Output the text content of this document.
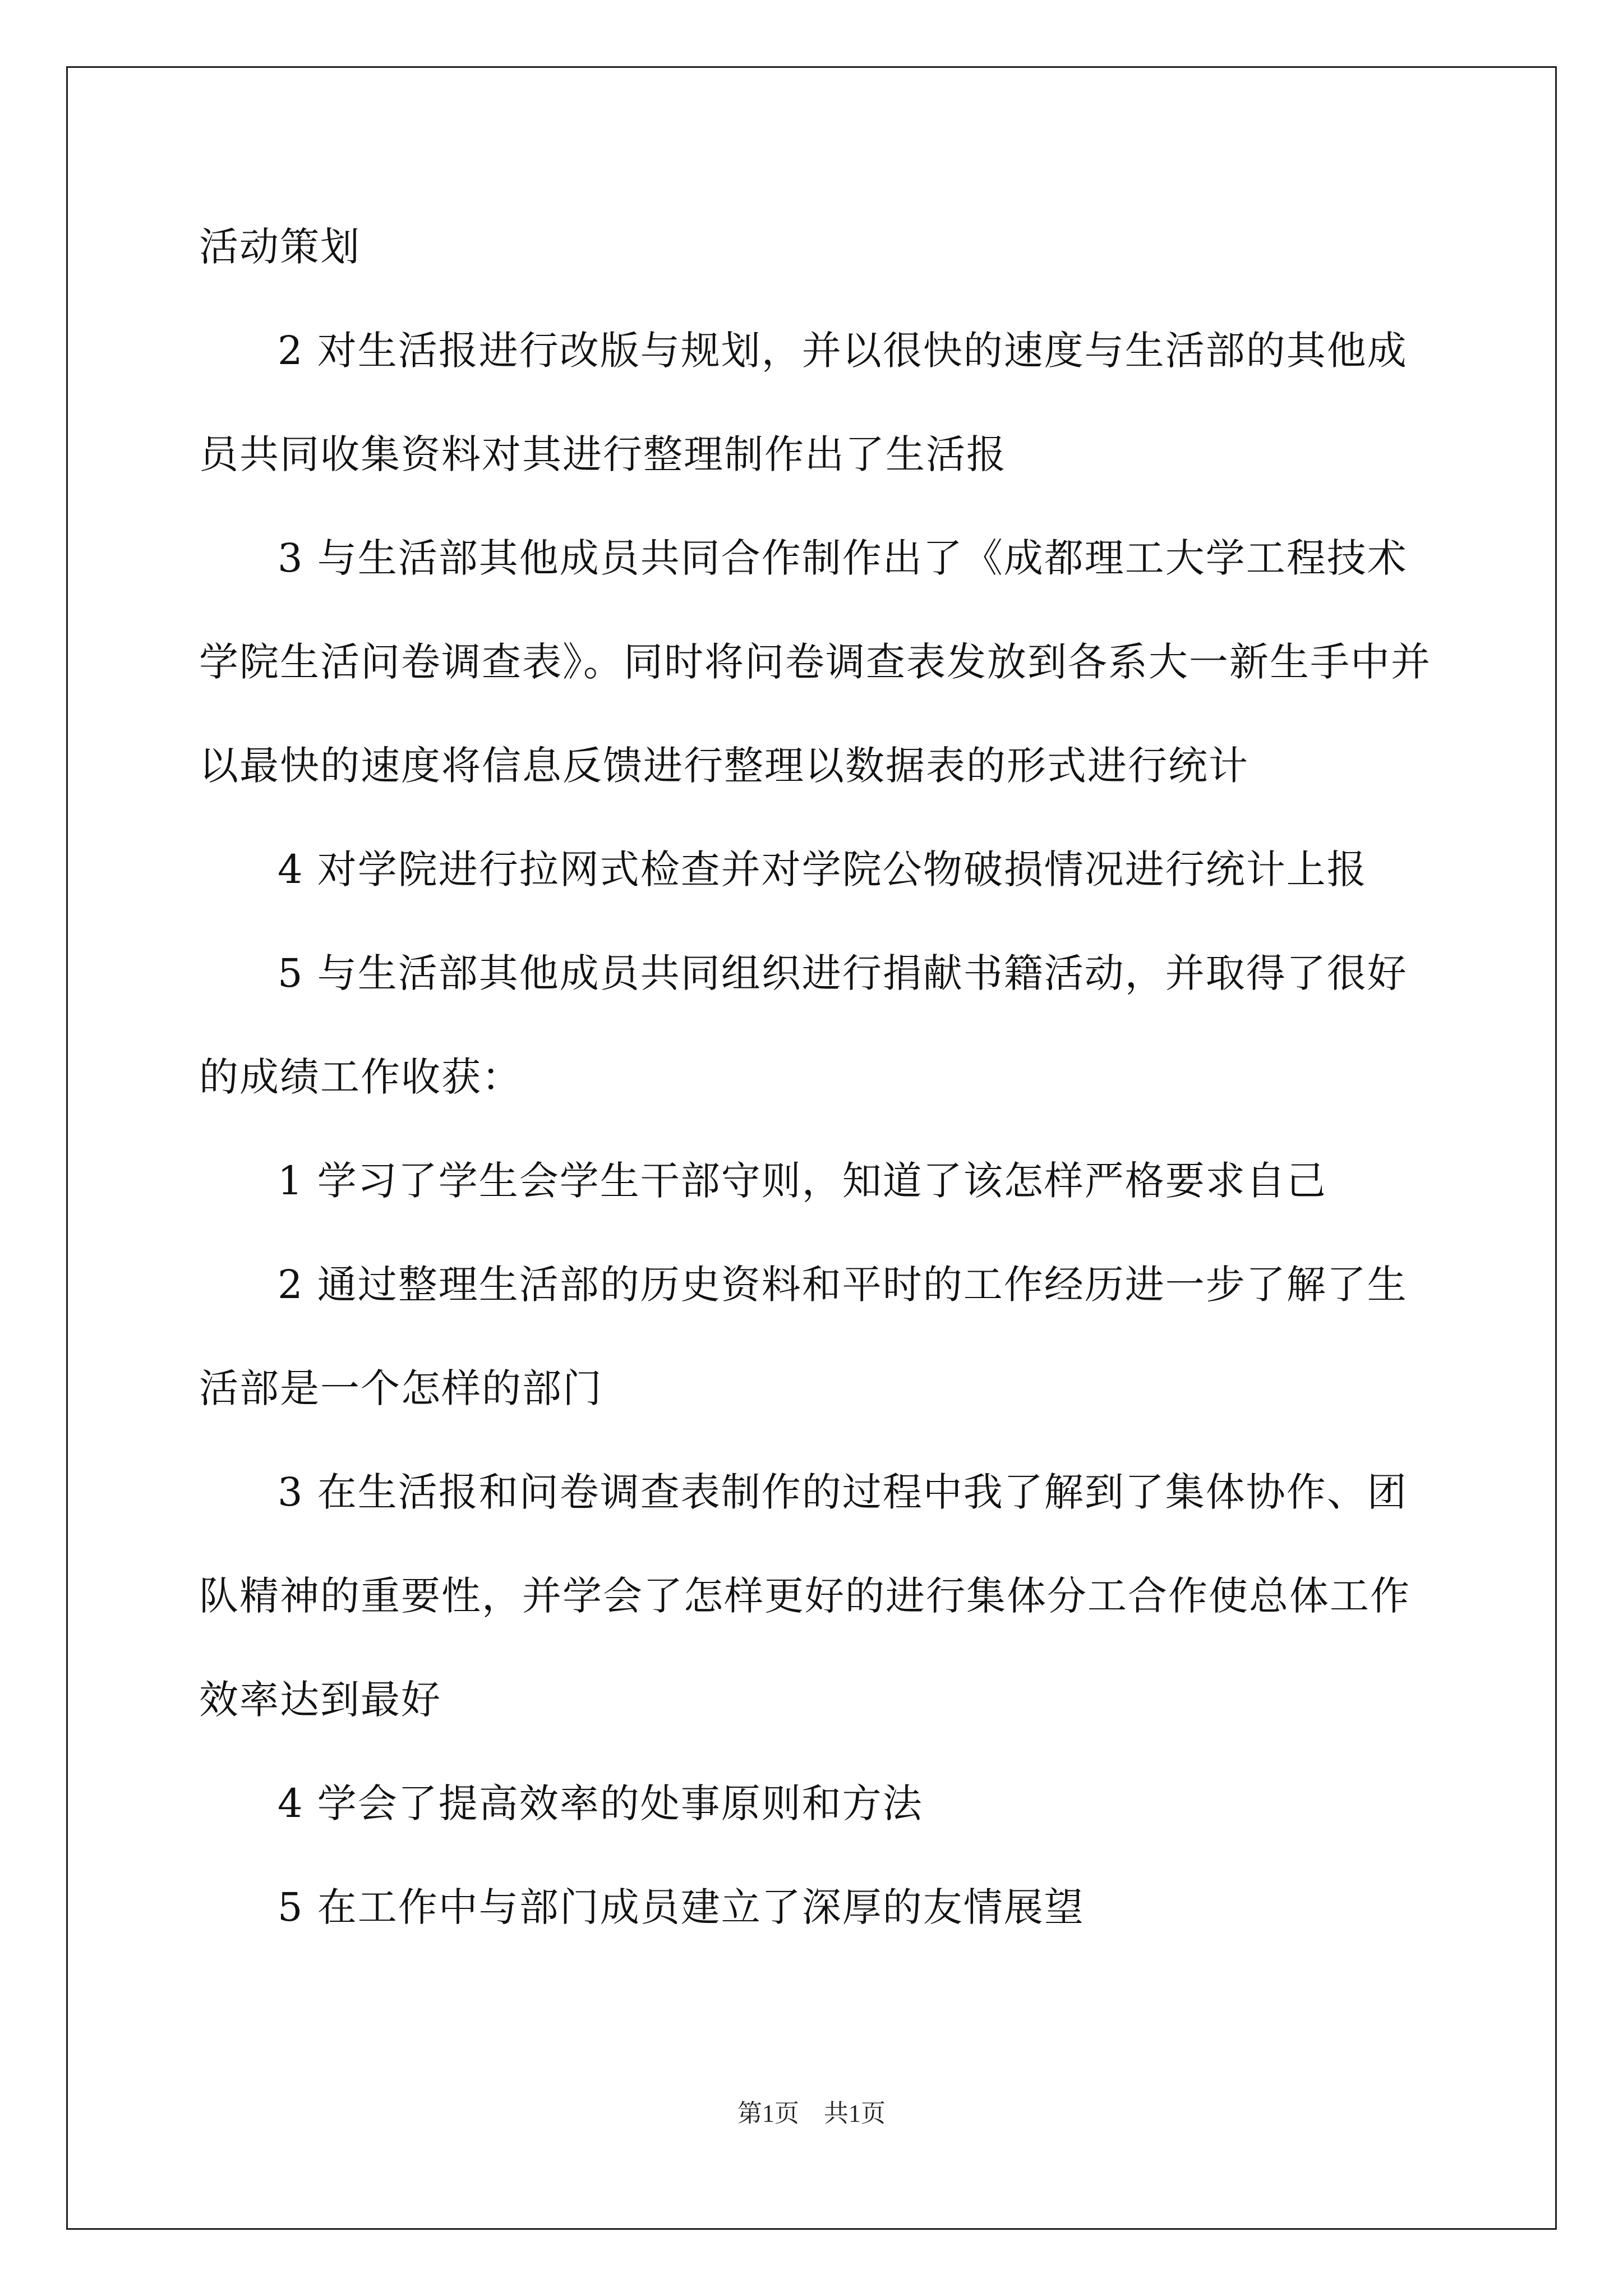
活动策划
2 对生活报进行改版与规划，并以很快的速度与生活部的其他成
员共同收集资料对其进行整理制作出了生活报
3 与生活部其他成员共同合作制作出了《成都理工大学工程技术
学院生活问卷调查表》。同时将问卷调查表发放到各系大一新生手中并
以最快的速度将信息反馈进行整理以数据表的形式进行统计
4 对学院进行拉网式检查并对学院公物破损情况进行统计上报
5 与生活部其他成员共同组织进行捐献书籍活动，并取得了很好
的成绩工作收获：
1 学习了学生会学生干部守则，知道了该怎样严格要求自己
2 通过整理生活部的历史资料和平时的工作经历进一步了解了生
活部是一个怎样的部门
3 在生活报和问卷调查表制作的过程中我了解到了集体协作、团
队精神的重要性，并学会了怎样更好的进行集体分工合作使总体工作
效率达到最好
4 学会了提高效率的处事原则和方法
5 在工作中与部门成员建立了深厚的友情展望
第1页　共1页
